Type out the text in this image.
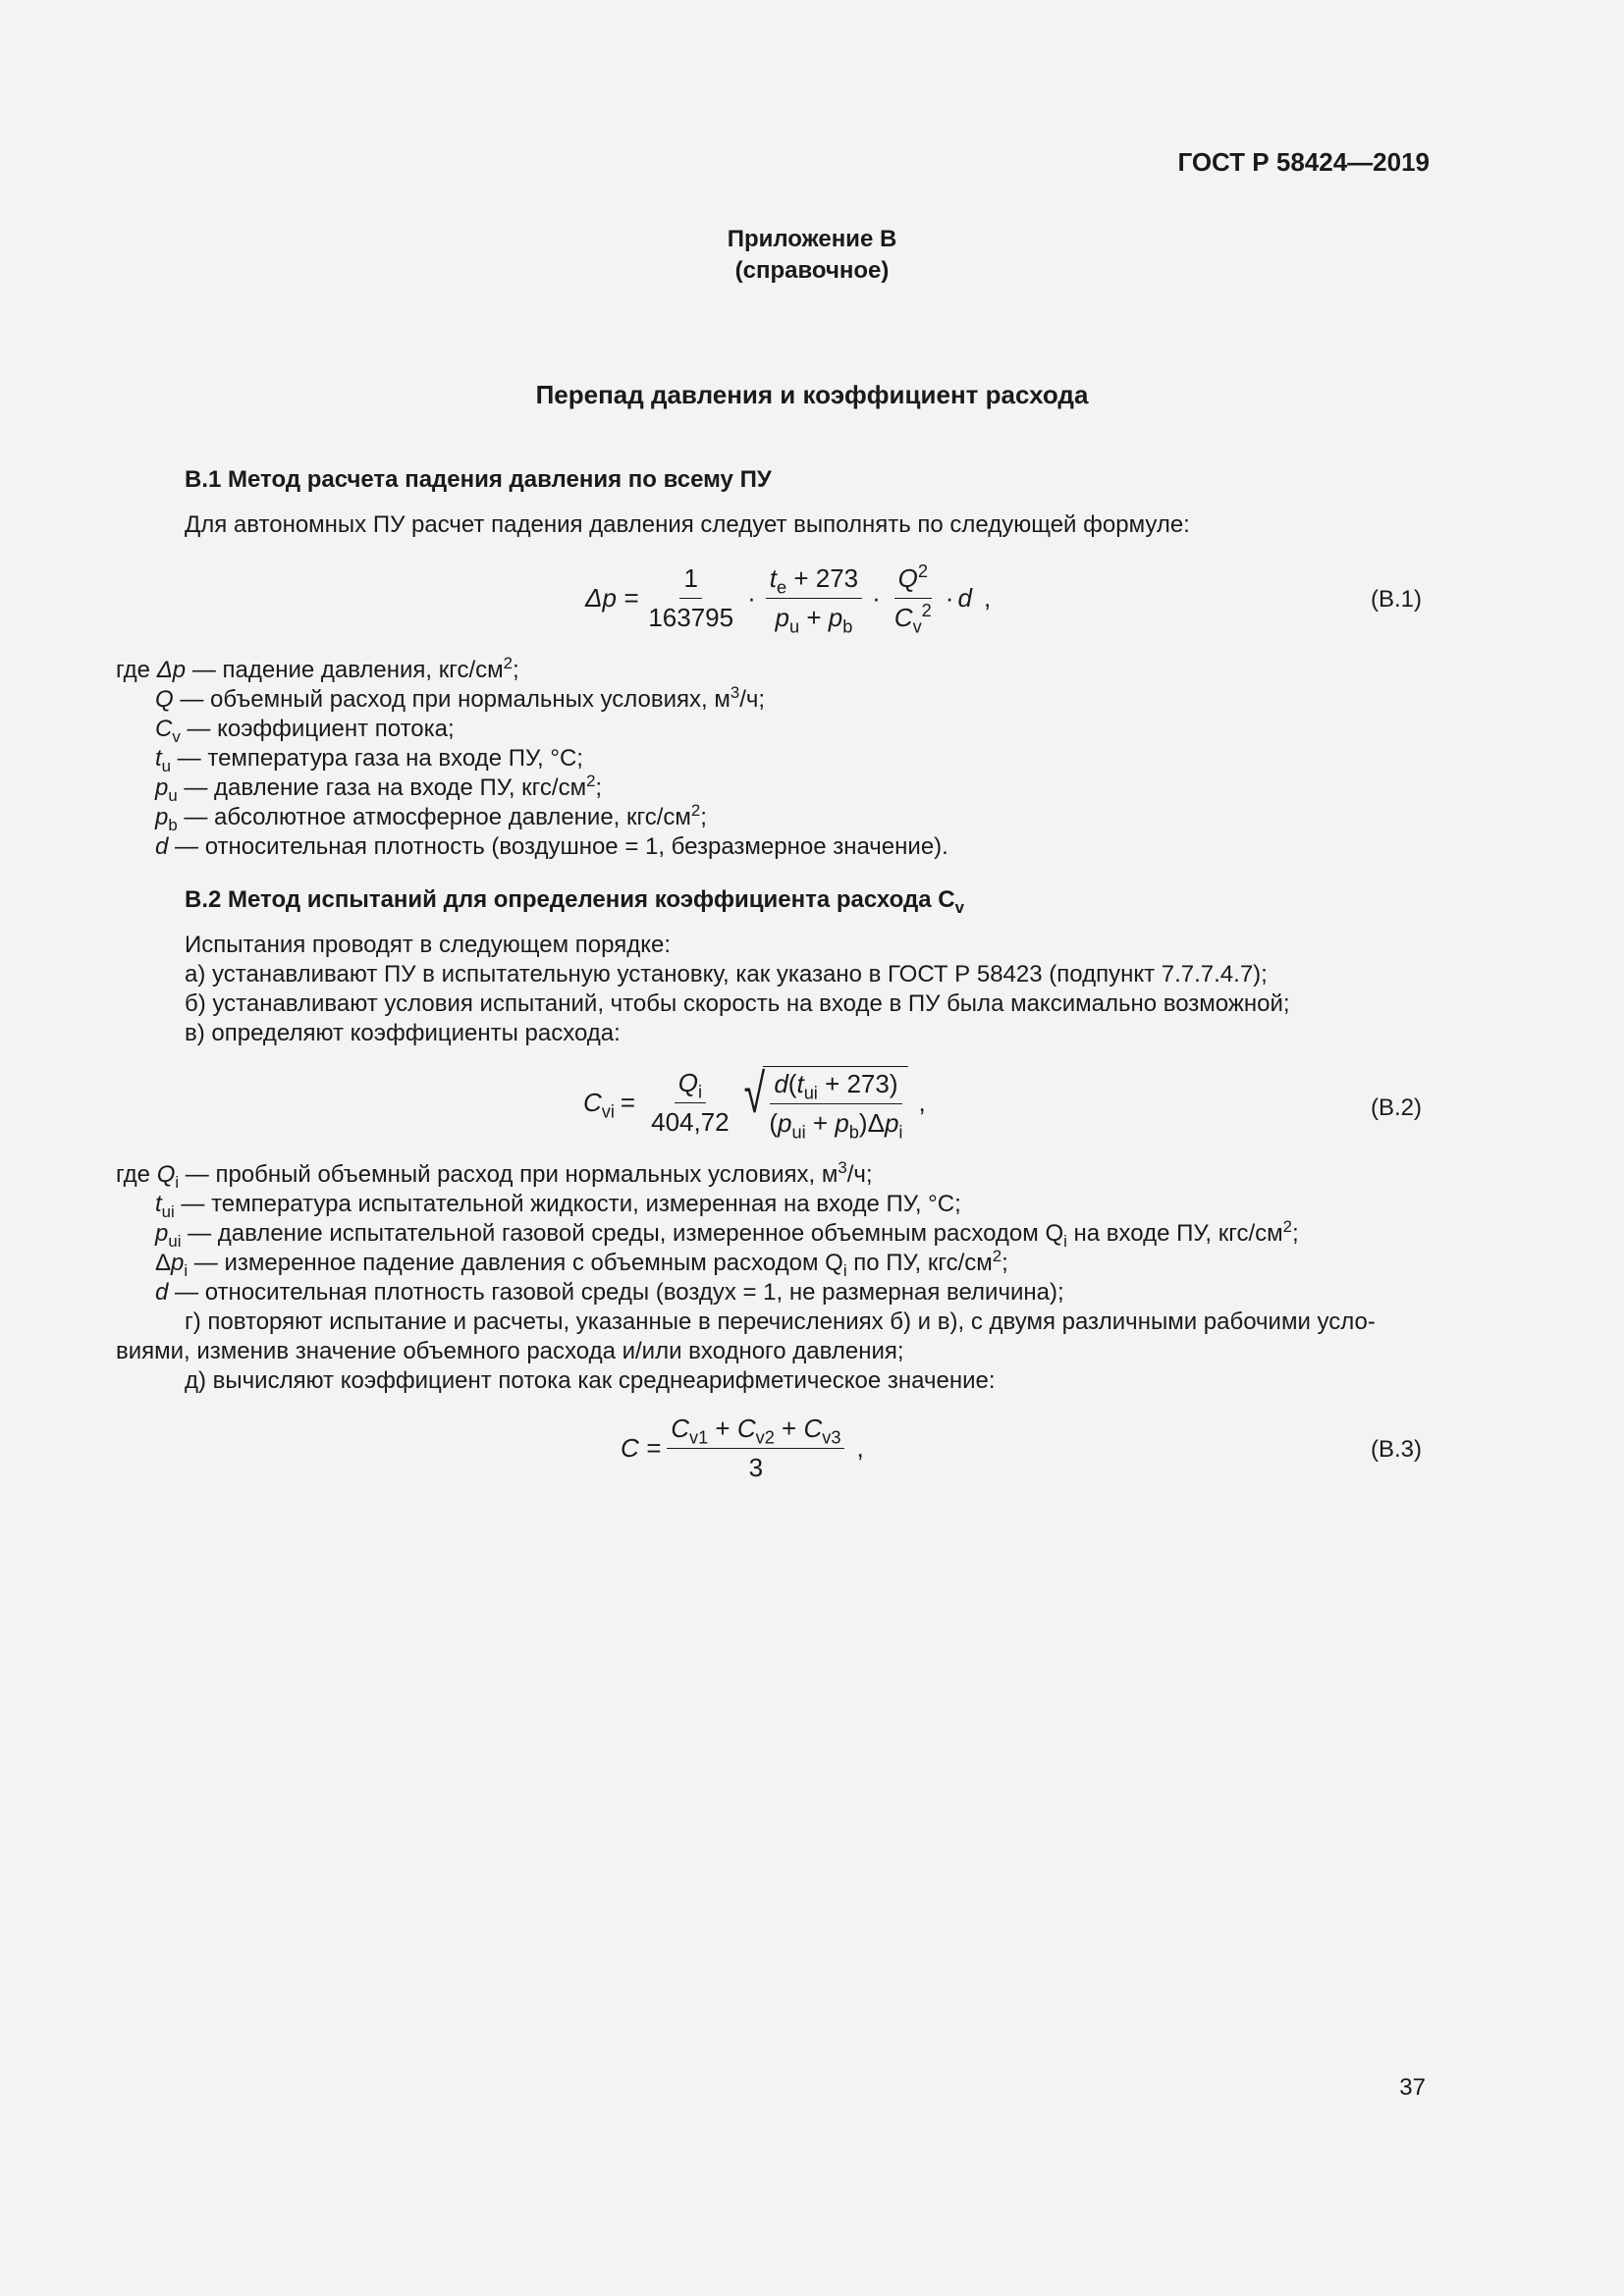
ГОСТ Р 58424—2019
Приложение В
(справочное)
Перепад давления и коэффициент расхода
В.1 Метод расчета падения давления по всему ПУ
Для автономных ПУ расчет падения давления следует выполнять по следующей формуле:
$\Delta p = \frac{1}{163795} \cdot \frac{t_e + 273}{p_u + p_b} \cdot \frac{Q^2}{C_v^2} \cdot d$ ,	(В.1)
где Δp — падение давления, кгс/$см^2$;
Q — объемный расход при нормальных условиях, $м^3/ч$;
$C_v$ — коэффициент потока;
$t_u$ — температура газа на входе ПУ, °С;
$p_u$ — давление газа на входе ПУ, кгс/$см^2$;
$p_b$ — абсолютное атмосферное давление, кгс/$см^2$;
d — относительная плотность (воздушное = 1, безразмерное значение).
В.2 Метод испытаний для определения коэффициента расхода $C_v$
Испытания проводят в следующем порядке:
а) устанавливают ПУ в испытательную установку, как указано в ГОСТ Р 58423 (подпункт 7.7.7.4.7);
б) устанавливают условия испытаний, чтобы скорость на входе в ПУ была максимально возможной;
в) определяют коэффициенты расхода:
$C_{vi} = \frac{Q_i}{404,72}$ √ $\frac{d(t_{ui} + 273)}{(p_{ui} + p_b)\Delta p_i}$ ,	(В.2)
где $Q_i$ — пробный объемный расход при нормальных условиях, $м^3/ч$;
$t_{ui}$ — температура испытательной жидкости, измеренная на входе ПУ, °С;
$p_{ui}$ — давление испытательной газовой среды, измеренное объемным расходом $Q_i$ на входе ПУ, кгс/$см^2$;
$\Delta p_i$ — измеренное падение давления с объемным расходом $Q_i$ по ПУ, кгс/$см^2$;
d — относительная плотность газовой среды (воздух = 1, не размерная величина);
г) повторяют испытание и расчеты, указанные в перечислениях б) и в), с двумя различными рабочими усло-
виями, изменив значение объемного расхода и/или входного давления;
д) вычисляют коэффициент потока как среднеарифметическое значение:
$C = \frac{C_{v1} + C_{v2} + C_{v3}}{3}$ ,	(В.3)
37
